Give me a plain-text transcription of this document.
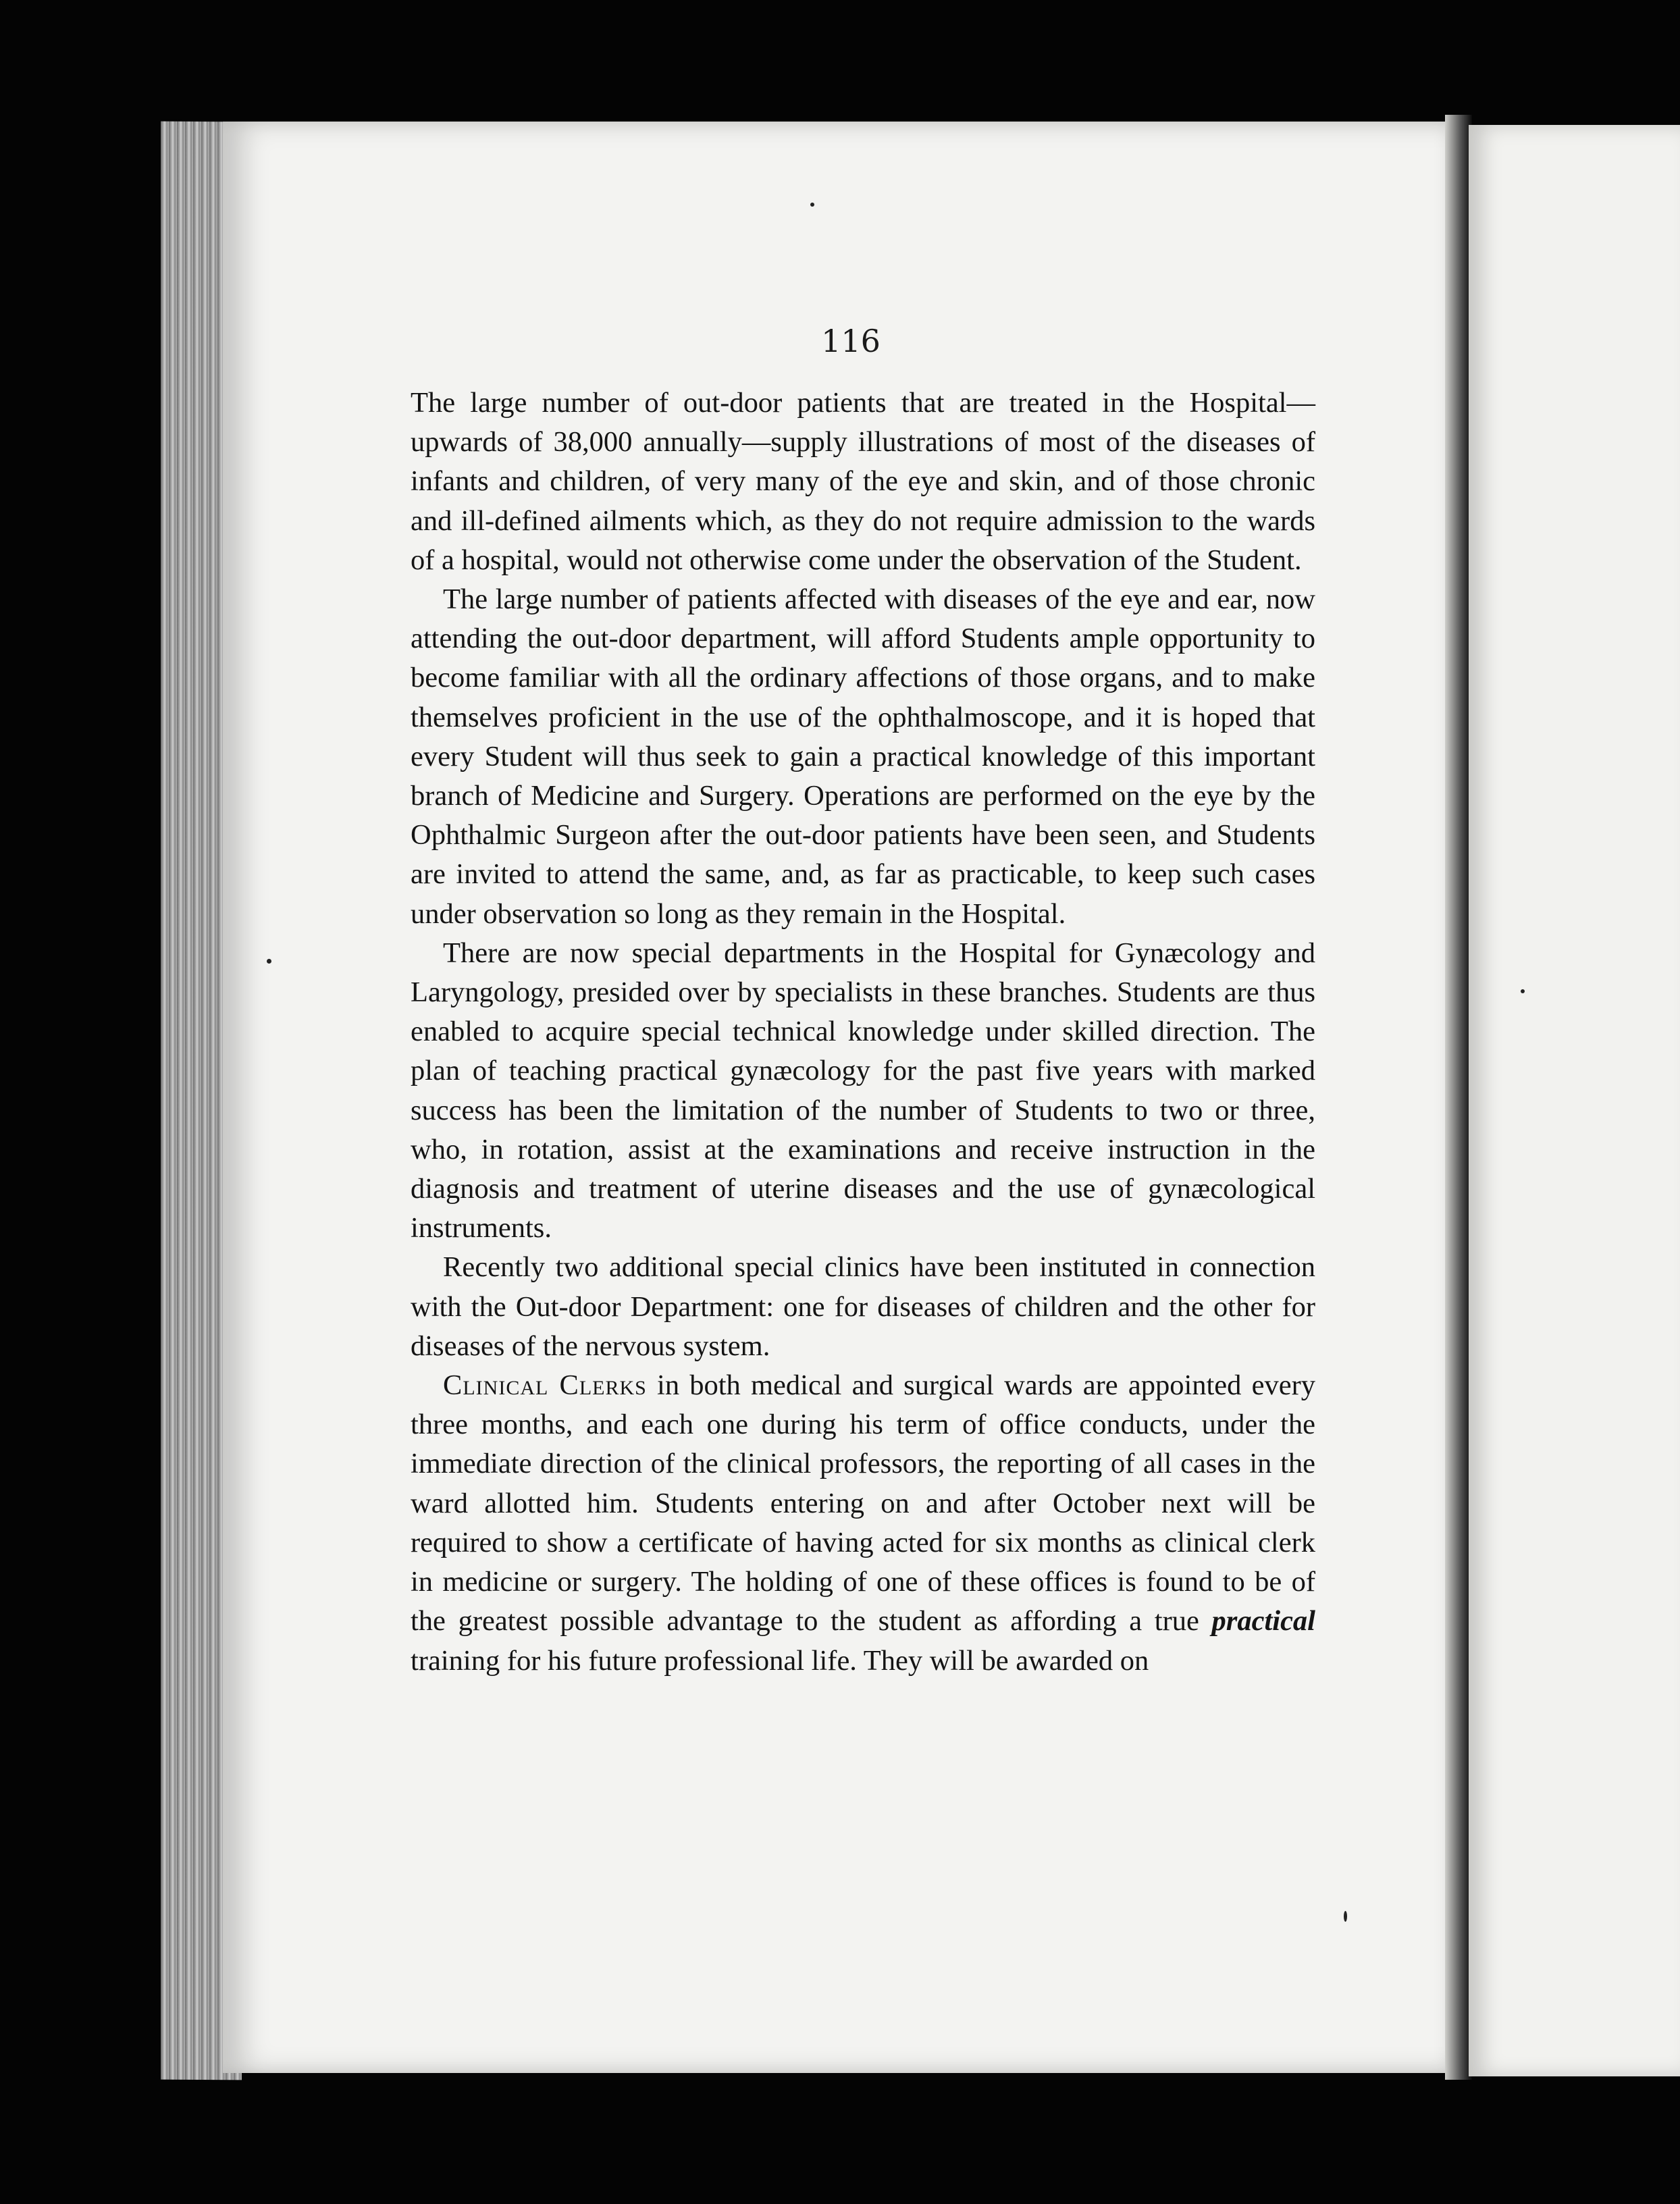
116

The large number of out-door patients that are treated in the Hospital—upwards of 38,000 annually—supply illustrations of most of the diseases of infants and children, of very many of the eye and skin, and of those chronic and ill-defined ailments which, as they do not require admission to the wards of a hospital, would not otherwise come under the observation of the Student.

The large number of patients affected with diseases of the eye and ear, now attending the out-door department, will afford Students ample opportunity to become familiar with all the ordinary affections of those organs, and to make themselves proficient in the use of the ophthalmoscope, and it is hoped that every Student will thus seek to gain a practical knowledge of this important branch of Medicine and Surgery. Operations are performed on the eye by the Ophthalmic Surgeon after the out-door patients have been seen, and Students are invited to attend the same, and, as far as practicable, to keep such cases under observation so long as they remain in the Hospital.

There are now special departments in the Hospital for Gynæcology and Laryngology, presided over by specialists in these branches. Students are thus enabled to acquire special technical knowledge under skilled direction. The plan of teaching practical gynæcology for the past five years with marked success has been the limitation of the number of Students to two or three, who, in rotation, assist at the examinations and receive instruction in the diagnosis and treatment of uterine diseases and the use of gynæcological instruments.

Recently two additional special clinics have been instituted in connection with the Out-door Department: one for diseases of children and the other for diseases of the nervous system.

Clinical Clerks in both medical and surgical wards are appointed every three months, and each one during his term of office conducts, under the immediate direction of the clinical professors, the reporting of all cases in the ward allotted him. Students entering on and after October next will be required to show a certificate of having acted for six months as clinical clerk in medicine or surgery. The holding of one of these offices is found to be of the greatest possible advantage to the student as affording a true practical training for his future professional life. They will be awarded on
